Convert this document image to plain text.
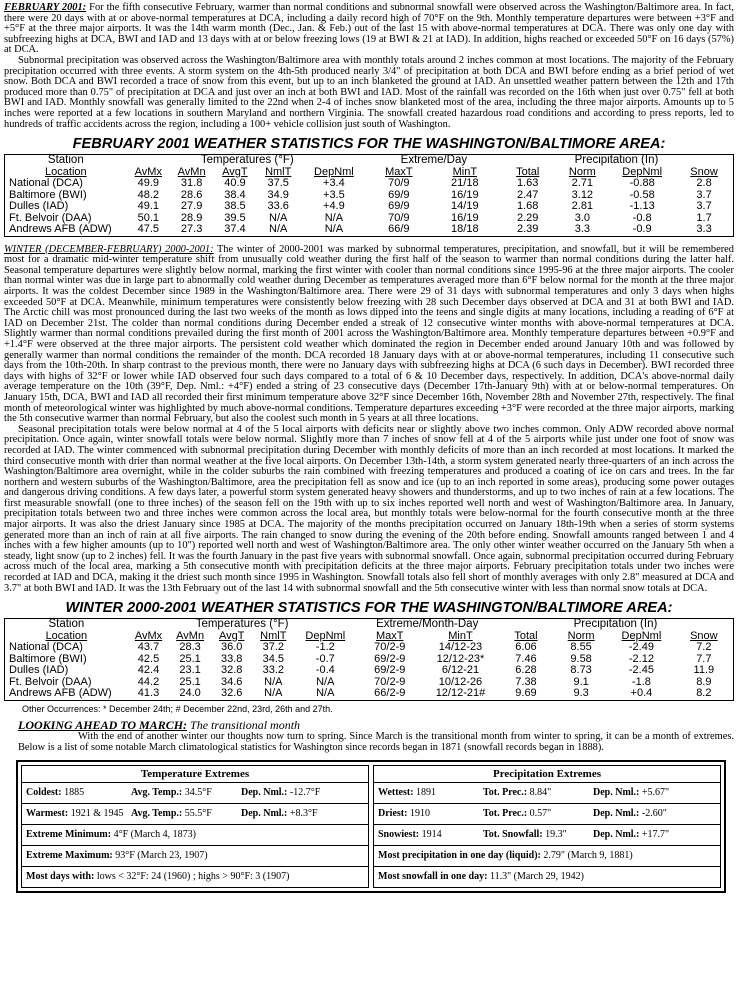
FEBRUARY 2001: For the fifth consecutive February, warmer than normal conditions and subnormal snowfall were observed across the Washington/Baltimore area. In fact, there were 20 days with at or above-normal temperatures at DCA, including a daily record high of 70°F on the 9th. Monthly temperature departures were between +3°F and +5°F at the three major airports. It was the 14th warm month (Dec., Jan. & Feb.) out of the last 15 with above-normal temperatures at DCA. There was only one day with subfreezing highs at DCA, BWI and IAD and 13 days with at or below freezing lows (19 at BWI & 21 at IAD). In addition, highs reached or exceeded 50°F on 16 days (57%) at DCA.

Subnormal precipitation was observed across the Washington/Baltimore area with monthly totals around 2 inches common at most locations. The majority of the February precipitation occurred with three events. A storm system on the 4th-5th produced nearly 3/4" of precipitation at both DCA and BWI before ending as a brief period of wet snow. Both DCA and BWI recorded a trace of snow from this event, but up to an inch blanketed the ground at IAD. An unsettled weather pattern between the 12th and 17th produced more than 0.75" of precipitation at DCA and just over an inch at both BWI and IAD. Most of the rainfall was recorded on the 16th when just over 0.75" fell at both BWI and IAD. Monthly snowfall was generally limited to the 22nd when 2-4 of inches snow blanketed most of the area, including the three major airports. Amounts up to 5 inches were reported at a few locations in southern Maryland and northern Virginia. The snowfall created hazardous road conditions and according to press reports, led to hundreds of traffic accidents across the region, including a 100+ vehicle collision just south of Washington.

FEBRUARY 2001 WEATHER STATISTICS FOR THE WASHINGTON/BALTIMORE AREA:
Station	Temperatures (°F)					Extreme/Day		Precipitation (In)			
Location	AvMx	AvMn	AvgT	NmlT	DepNml	MaxT	MinT	Total	Norm	DepNml	Snow
National (DCA)	49.9	31.8	40.9	37.5	+3.4	70/9	21/18	1.63	2.71	-0.88	2.8
Baltimore (BWI)	48.2	28.6	38.4	34.9	+3.5	69/9	16/19	2.47	3.12	-0.58	3.7
Dulles (IAD)	49.1	27.9	38.5	33.6	+4.9	69/9	14/19	1.68	2.81	-1.13	3.7
Ft. Belvoir (DAA)	50.1	28.9	39.5	N/A	N/A	70/9	16/19	2.29	3.0	-0.8	1.7
Andrews AFB (ADW)	47.5	27.3	37.4	N/A	N/A	66/9	18/18	2.39	3.3	-0.9	3.3

WINTER (DECEMBER-FEBRUARY) 2000-2001: The winter of 2000-2001 was marked by subnormal temperatures, precipitation, and snowfall, but it will be remembered most for a dramatic mid-winter temperature shift from unusually cold weather during the first half of the season to warmer than normal conditions during the latter half. Seasonal temperature departures were slightly below normal, marking the first winter with cooler than normal conditions since 1995-96 at the three major airports. The cooler than normal winter was due in large part to abnormally cold weather during December as temperatures averaged more than 6°F below normal for the month at the three major airports. It was the coldest December since 1989 in the Washington/Baltimore area. There were 29 of 31 days with subnormal temperatures and only 3 days when highs exceeded 50°F at DCA. Meanwhile, minimum temperatures were consistently below freezing with 28 such December days observed at DCA and 31 at both BWI and IAD. The Arctic chill was most pronounced during the last two weeks of the month as lows dipped into the teens and single digits at many locations, including a reading of 6°F at IAD on December 21st. The colder than normal conditions during December ended a streak of 12 consecutive winter months with above-normal temperatures at DCA. Slightly warmer than normal conditions prevailed during the first month of 2001 across the Washington/Baltimore area. Monthly temperature departures between +0.9°F and +1.4°F were observed at the three major airports. The persistent cold weather which dominated the region in December ended around January 10th and was followed by generally warmer than normal conditions the remainder of the month. DCA recorded 18 January days with at or above-normal temperatures, including 11 consecutive such days from the 10th-20th. In sharp contrast to the previous month, there were no January days with subfreezing highs at DCA (6 such days in December). BWI recorded three days with highs of 32°F or lower while IAD observed four such days compared to a total of 6 & 10 December days, respectively. In addition, DCA's above-normal daily average temperature on the 10th (39°F, Dep. Nml.: +4°F) ended a string of 23 consecutive days (December 17th-January 9th) with at or below-normal temperatures. On January 15th, DCA, BWI and IAD all recorded their first minimum temperature above 32°F since December 16th, November 28th and November 27th, respectively. The final month of meteorological winter was highlighted by much above-normal conditions. Temperature departures exceeding +3°F were recorded at the three major airports, marking the 5th consecutive warmer than normal February, but also the coolest such month in 5 years at all three locations.

Seasonal precipitation totals were below normal at 4 of the 5 local airports with deficits near or slightly above two inches common. Only ADW recorded above normal precipitation. Once again, winter snowfall totals were below normal. Slightly more than 7 inches of snow fell at 4 of the 5 airports while just under one foot of snow was recorded at IAD. The winter commenced with subnormal precipitation during December with monthly deficits of more than an inch recorded at most locations. It marked the third consecutive month with drier than normal weather at the five local airports. On December 13th-14th, a storm system generated nearly three-quarters of an inch across the Washington/Baltimore area overnight, while in the colder suburbs the rain combined with freezing temperatures and produced a coating of ice on cars and trees. In the far northern and western suburbs of the Washington/Baltimore, area the precipitation fell as snow and ice (up to an inch reported in some areas), producing some power outages and dangerous driving conditions. A few days later, a powerful storm system generated heavy showers and thunderstorms, and up to two inches of rain at a few locations. The first measurable snowfall (one to three inches) of the season fell on the 19th with up to six inches reported well north and west of Washington/Baltimore area. In January, precipitation totals between two and three inches were common across the local area, but monthly totals were below-normal for the fourth consecutive month at the three major airports. It was also the driest January since 1985 at DCA. The majority of the months precipitation occurred on January 18th-19th when a series of storm systems generated more than an inch of rain at all five airports. The rain changed to snow during the evening of the 20th before ending. Snowfall amounts ranged between 1 and 4 inches with a few higher amounts (up to 10") reported well north and west of Washington/Baltimore area. The only other winter weather occurred on the January 5th when a steady, light snow (up to 2 inches) fell. It was the fourth January in the past five years with subnormal snowfall. Once again, subnormal precipitation occurred during February across much of the local area, marking a 5th consecutive month with precipitation deficits at the three major airports. February precipitation totals under two inches were recorded at IAD and DCA, making it the driest such month since 1995 in Washington. Snowfall totals also fell short of monthly averages with only 2.8" measured at DCA and 3.7" at both BWI and IAD. It was the 13th February out of the last 14 with subnormal snowfall and the 5th consecutive winter with less than normal snow totals at DCA.

WINTER 2000-2001 WEATHER STATISTICS FOR THE WASHINGTON/BALTIMORE AREA:
Station	Temperatures (°F)					Extreme/Month-Day		Precipitation (In)			
Location	AvMx	AvMn	AvgT	NmlT	DepNml	MaxT	MinT	Total	Norm	DepNml	Snow
National (DCA)	43.7	28.3	36.0	37.2	-1.2	70/2-9	14/12-23	6.06	8.55	-2.49	7.2
Baltimore (BWI)	42.5	25.1	33.8	34.5	-0.7	69/2-9	12/12-23*	7.46	9.58	-2.12	7.7
Dulles (IAD)	42.4	23.1	32.8	33.2	-0.4	69/2-9	6/12-21	6.28	8.73	-2.45	11.9
Ft. Belvoir (DAA)	44.2	25.1	34.6	N/A	N/A	70/2-9	10/12-26	7.38	9.1	-1.8	8.9
Andrews AFB (ADW)	41.3	24.0	32.6	N/A	N/A	66/2-9	12/12-21#	9.69	9.3	+0.4	8.2
Other Occurrences: * December 24th; # December 22nd, 23rd, 26th and 27th.
LOOKING AHEAD TO MARCH: The transitional month

With the end of another winter our thoughts now turn to spring. Since March is the transitional month from winter to spring, it can be a month of extremes. Below is a list of some notable March climatological statistics for Washington since records began in 1871 (snowfall records began in 1888).

Temperature Extremes
Coldest: 1885	Avg. Temp.: 34.5°F	Dep. Nml.: -12.7°F
Warmest: 1921 & 1945 Avg. Temp.: 55.5°F	Dep. Nml.: +8.3°F
Extreme Minimum: 4°F (March 4, 1873)
Extreme Maximum: 93°F (March 23, 1907)
Most days with: lows < 32°F: 24 (1960) ; highs > 90°F: 3 (1907)
Precipitation Extremes
Wettest: 1891	Tot. Prec.: 8.84"	Dep. Nml.: +5.67"
Driest: 1910	Tot. Prec.: 0.57"	Dep. Nml.: -2.60"
Snowiest: 1914	Tot. Snowfall: 19.3"	Dep. Nml.: +17.7"
Most precipitation in one day (liquid): 2.79" (March 9, 1881)
Most snowfall in one day: 11.3" (March 29, 1942)
